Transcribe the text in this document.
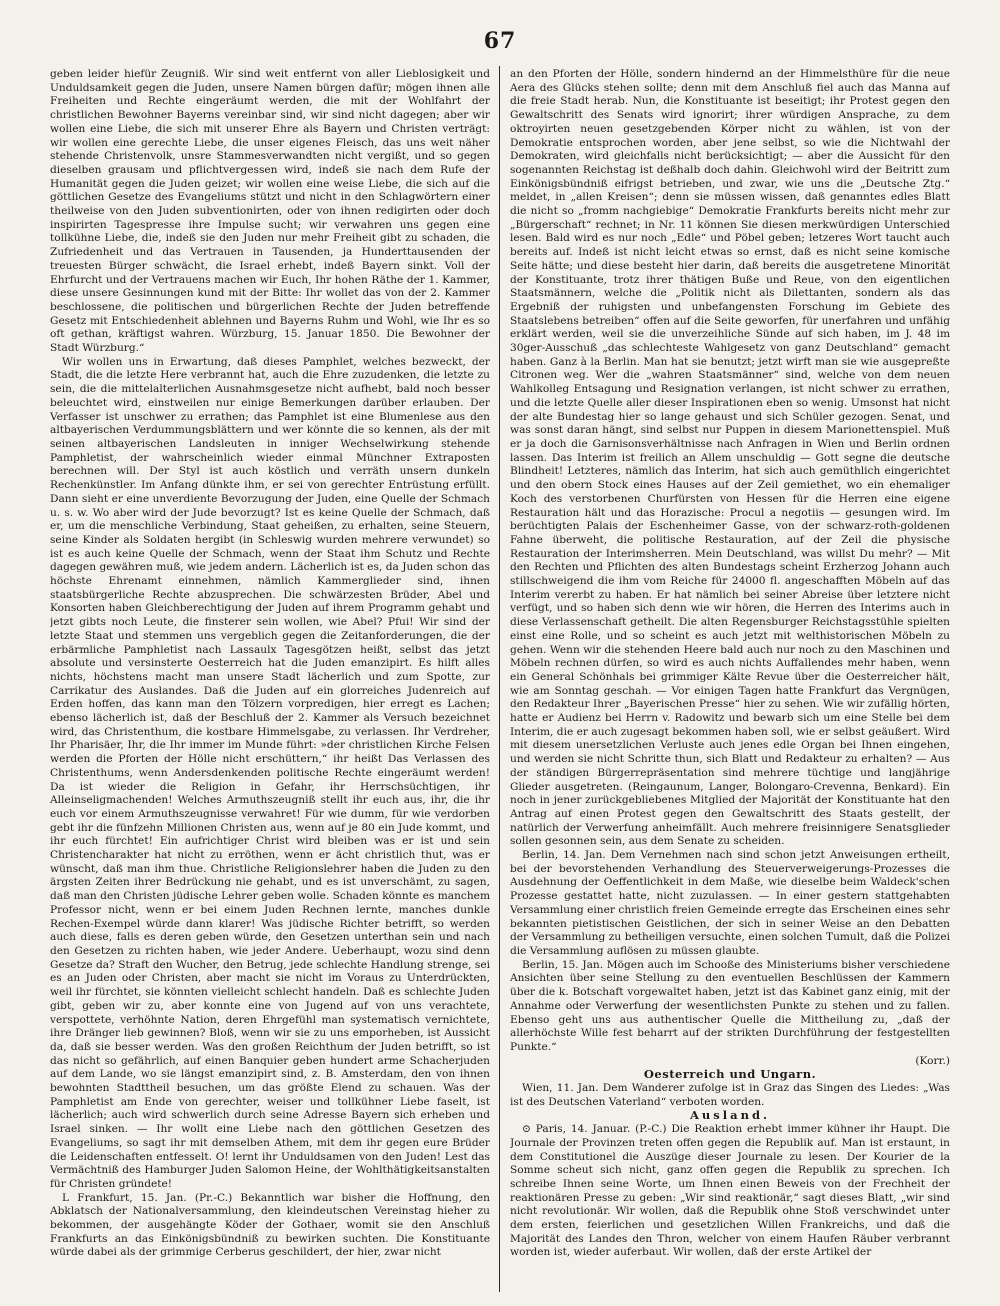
67

geben leider hiefür Zeugniß. Wir sind weit entfernt von aller Lieblosigkeit und Unduldsamkeit gegen die Juden, unsere Namen bürgen dafür; mögen ihnen alle Freiheiten und Rechte eingeräumt werden, die mit der Wohlfahrt der christlichen Bewohner Bayerns vereinbar sind, wir sind nicht dagegen; aber wir wollen eine Liebe, die sich mit unserer Ehre als Bayern und Christen verträgt: wir wollen eine gerechte Liebe, die unser eigenes Fleisch, das uns weit näher stehende Christenvolk, unsre Stammesverwandten nicht vergißt, und so gegen dieselben grausam und pflichtvergessen wird, indeß sie nach dem Rufe der Humanität gegen die Juden geizet; wir wollen eine weise Liebe, die sich auf die göttlichen Gesetze des Evangeliums stützt und nicht in den Schlagwörtern einer theilweise von den Juden subventionirten, oder von ihnen redigirten oder doch inspirirten Tagespresse ihre Impulse sucht; wir verwahren uns gegen eine tollkühne Liebe, die, indeß sie den Juden nur mehr Freiheit gibt zu schaden, die Zufriedenheit und das Vertrauen in Tausenden, ja Hunderttausenden der treuesten Bürger schwächt, die Israel erhebt, indeß Bayern sinkt. Voll der Ehrfurcht und der Vertrauens machen wir Euch, Ihr hohen Räthe der 1. Kammer, diese unsere Gesinnungen kund mit der Bitte: Ihr wollet das von der 2. Kammer beschlossene, die politischen und bürgerlichen Rechte der Juden betreffende Gesetz mit Entschiedenheit ablehnen und Bayerns Ruhm und Wohl, wie Ihr es so oft gethan, kräftigst wahren. Würzburg, 15. Januar 1850. Die Bewohner der Stadt Würzburg.“

Wir wollen uns in Erwartung, daß dieses Pamphlet, welches bezweckt, der Stadt, die die letzte Here verbrannt hat, auch die Ehre zuzudenken, die letzte zu sein, die die mittelalterlichen Ausnahmsgesetze nicht aufhebt, bald noch besser beleuchtet wird, einstweilen nur einige Bemerkungen darüber erlauben. Der Verfasser ist unschwer zu errathen; das Pamphlet ist eine Blumenlese aus den altbayerischen Verdummungsblättern und wer könnte die so kennen, als der mit seinen altbayerischen Landsleuten in inniger Wechselwirkung stehende Pamphletist, der wahrscheinlich wieder einmal Münchner Extraposten berechnen will. Der Styl ist auch köstlich und verräth unsern dunkeln Rechenkünstler. Im Anfang dünkte ihm, er sei von gerechter Entrüstung erfüllt. Dann sieht er eine unverdiente Bevorzugung der Juden, eine Quelle der Schmach u. s. w. Wo aber wird der Jude bevorzugt? Ist es keine Quelle der Schmach, daß er, um die menschliche Verbindung, Staat geheißen, zu erhalten, seine Steuern, seine Kinder als Soldaten hergibt (in Schleswig wurden mehrere verwundet) so ist es auch keine Quelle der Schmach, wenn der Staat ihm Schutz und Rechte dagegen gewähren muß, wie jedem andern. Lächerlich ist es, da Juden schon das höchste Ehrenamt einnehmen, nämlich Kammerglieder sind, ihnen staatsbürgerliche Rechte abzusprechen. Die schwärzesten Brüder, Abel und Konsorten haben Gleichberechtigung der Juden auf ihrem Programm gehabt und jetzt gibts noch Leute, die finsterer sein wollen, wie Abel? Pfui! Wir sind der letzte Staat und stemmen uns vergeblich gegen die Zeitanforderungen, die der erbärmliche Pamphletist nach Lassaulx Tagesgötzen heißt, selbst das jetzt absolute und versinsterte Oesterreich hat die Juden emanzipirt. Es hilft alles nichts, höchstens macht man unsere Stadt lächerlich und zum Spotte, zur Carrikatur des Auslandes. Daß die Juden auf ein glorreiches Judenreich auf Erden hoffen, das kann man den Tölzern vorpredigen, hier erregt es Lachen; ebenso lächerlich ist, daß der Beschluß der 2. Kammer als Versuch bezeichnet wird, das Christenthum, die kostbare Himmelsgabe, zu verlassen. Ihr Verdreher, Ihr Pharisäer, Ihr, die Ihr immer im Munde führt: »der christlichen Kirche Felsen werden die Pforten der Hölle nicht erschüttern,“ ihr heißt Das Verlassen des Christenthums, wenn Andersdenkenden politische Rechte eingeräumt werden! Da ist wieder die Religion in Gefahr, ihr Herrschsüchtigen, ihr Alleinseligmachenden! Welches Armuthszeugniß stellt ihr euch aus, ihr, die ihr euch vor einem Armuthszeugnisse verwahret! Für wie dumm, für wie verdorben gebt ihr die fünfzehn Millionen Christen aus, wenn auf je 80 ein Jude kommt, und ihr euch fürchtet! Ein aufrichtiger Christ wird bleiben was er ist und sein Christencharakter hat nicht zu erröthen, wenn er ächt christlich thut, was er wünscht, daß man ihm thue. Christliche Religionslehrer haben die Juden zu den ärgsten Zeiten ihrer Bedrückung nie gehabt, und es ist unverschämt, zu sagen, daß man den Christen jüdische Lehrer geben wolle. Schaden könnte es manchem Professor nicht, wenn er bei einem Juden Rechnen lernte, manches dunkle Rechen-Exempel würde dann klarer! Was jüdische Richter betrifft, so werden auch diese, falls es deren geben würde, den Gesetzen unterthan sein und nach den Gesetzen zu richten haben, wie jeder Andere. Ueberhaupt, wozu sind denn Gesetze da? Straft den Wucher, den Betrug, jede schlechte Handlung strenge, sei es an Juden oder Christen, aber macht sie nicht im Voraus zu Unterdrückten, weil ihr fürchtet, sie könnten vielleicht schlecht handeln. Daß es schlechte Juden gibt, geben wir zu, aber konnte eine von Jugend auf von uns verachtete, verspottete, verhöhnte Nation, deren Ehrgefühl man systematisch vernichtete, ihre Dränger lieb gewinnen? Bloß, wenn wir sie zu uns emporheben, ist Aussicht da, daß sie besser werden. Was den großen Reichthum der Juden betrifft, so ist das nicht so gefährlich, auf einen Banquier geben hundert arme Schacherjuden auf dem Lande, wo sie längst emanzipirt sind, z. B. Amsterdam, den von ihnen bewohnten Stadttheil besuchen, um das größte Elend zu schauen. Was der Pamphletist am Ende von gerechter, weiser und tollkühner Liebe faselt, ist lächerlich; auch wird schwerlich durch seine Adresse Bayern sich erheben und Israel sinken. — Ihr wollt eine Liebe nach den göttlichen Gesetzen des Evangeliums, so sagt ihr mit demselben Athem, mit dem ihr gegen eure Brüder die Leidenschaften entfesselt. O! lernt ihr Unduldsamen von den Juden! Lest das Vermächtniß des Hamburger Juden Salomon Heine, der Wohlthätigkeitsanstalten für Christen gründete!

L Frankfurt, 15. Jan. (Pr.-C.) Bekanntlich war bisher die Hoffnung, den Abklatsch der Nationalversammlung, den kleindeutschen Vereinstag hieher zu bekommen, der ausgehängte Köder der Gothaer, womit sie den Anschluß Frankfurts an das Einkönigsbündniß zu bewirken suchten. Die Konstituante würde dabei als der grimmige Cerberus geschildert, der hier, zwar nicht

an den Pforten der Hölle, sondern hindernd an der Himmelsthüre für die neue Aera des Glücks stehen sollte; denn mit dem Anschluß fiel auch das Manna auf die freie Stadt herab. Nun, die Konstituante ist beseitigt; ihr Protest gegen den Gewaltschritt des Senats wird ignorirt; ihrer würdigen Ansprache, zu dem oktroyirten neuen gesetzgebenden Körper nicht zu wählen, ist von der Demokratie entsprochen worden, aber jene selbst, so wie die Nichtwahl der Demokraten, wird gleichfalls nicht berücksichtigt; — aber die Aussicht für den sogenannten Reichstag ist deßhalb doch dahin. Gleichwohl wird der Beitritt zum Einkönigsbündniß eifrigst betrieben, und zwar, wie uns die „Deutsche Ztg.“ meldet, in „allen Kreisen“; denn sie müssen wissen, daß genanntes edles Blatt die nicht so „fromm nachgiebige“ Demokratie Frankfurts bereits nicht mehr zur „Bürgerschaft“ rechnet; in Nr. 11 können Sie diesen merkwürdigen Unterschied lesen. Bald wird es nur noch „Edle“ und Pöbel geben; letzeres Wort taucht auch bereits auf. Indeß ist nicht leicht etwas so ernst, daß es nicht seine komische Seite hätte; und diese besteht hier darin, daß bereits die ausgetretene Minorität der Konstituante, trotz ihrer thätigen Buße und Reue, von den eigentlichen Staatsmännern, welche die „Politik nicht als Dilettanten, sondern als das Ergebniß der ruhigsten und unbefangensten Forschung im Gebiete des Staatslebens betreiben“ offen auf die Seite geworfen, für unerfahren und unfähig erklärt werden, weil sie die unverzeihliche Sünde auf sich haben, im J. 48 im 30ger-Ausschuß „das schlechteste Wahlgesetz von ganz Deutschland“ gemacht haben. Ganz à la Berlin. Man hat sie benutzt; jetzt wirft man sie wie ausgepreßte Citronen weg. Wer die „wahren Staatsmänner“ sind, welche von dem neuen Wahlkolleg Entsagung und Resignation verlangen, ist nicht schwer zu errathen, und die letzte Quelle aller dieser Inspirationen eben so wenig. Umsonst hat nicht der alte Bundestag hier so lange gehaust und sich Schüler gezogen. Senat, und was sonst daran hängt, sind selbst nur Puppen in diesem Marionettenspiel. Muß er ja doch die Garnisonsverhältnisse nach Anfragen in Wien und Berlin ordnen lassen. Das Interim ist freilich an Allem unschuldig — Gott segne die deutsche Blindheit! Letzteres, nämlich das Interim, hat sich auch gemüthlich eingerichtet und den obern Stock eines Hauses auf der Zeil gemiethet, wo ein ehemaliger Koch des verstorbenen Churfürsten von Hessen für die Herren eine eigene Restauration hält und das Horazische: Procul a negotiis — gesungen wird. Im berüchtigten Palais der Eschenheimer Gasse, von der schwarz-roth-goldenen Fahne überweht, die politische Restauration, auf der Zeil die physische Restauration der Interimsherren. Mein Deutschland, was willst Du mehr? — Mit den Rechten und Pflichten des alten Bundestags scheint Erzherzog Johann auch stillschweigend die ihm vom Reiche für 24000 fl. angeschafften Möbeln auf das Interim vererbt zu haben. Er hat nämlich bei seiner Abreise über letztere nicht verfügt, und so haben sich denn wie wir hören, die Herren des Interims auch in diese Verlassenschaft getheilt. Die alten Regensburger Reichstagsstühle spielten einst eine Rolle, und so scheint es auch jetzt mit welthistorischen Möbeln zu gehen. Wenn wir die stehenden Heere bald auch nur noch zu den Maschinen und Möbeln rechnen dürfen, so wird es auch nichts Auffallendes mehr haben, wenn ein General Schönhals bei grimmiger Kälte Revue über die Oesterreicher hält, wie am Sonntag geschah. — Vor einigen Tagen hatte Frankfurt das Vergnügen, den Redakteur Ihrer „Bayerischen Presse“ hier zu sehen. Wie wir zufällig hörten, hatte er Audienz bei Herrn v. Radowitz und bewarb sich um eine Stelle bei dem Interim, die er auch zugesagt bekommen haben soll, wie er selbst geäußert. Wird mit diesem unersetzlichen Verluste auch jenes edle Organ bei Ihnen eingehen, und werden sie nicht Schritte thun, sich Blatt und Redakteur zu erhalten? — Aus der ständigen Bürgerrepräsentation sind mehrere tüchtige und langjährige Glieder ausgetreten. (Reingaunum, Langer, Bolongaro-Crevenna, Benkard). Ein noch in jener zurückgebliebenes Mitglied der Majorität der Konstituante hat den Antrag auf einen Protest gegen den Gewaltschritt des Staats gestellt, der natürlich der Verwerfung anheimfällt. Auch mehrere freisinnigere Senatsglieder sollen gesonnen sein, aus dem Senate zu scheiden.

Berlin, 14. Jan. Dem Vernehmen nach sind schon jetzt Anweisungen ertheilt, bei der bevorstehenden Verhandlung des Steuerverweigerungs-Prozesses die Ausdehnung der Oeffentlichkeit in dem Maße, wie dieselbe beim Waldeck'schen Prozesse gestattet hatte, nicht zuzulassen. — In einer gestern stattgehabten Versammlung einer christlich freien Gemeinde erregte das Erscheinen eines sehr bekannten pietistischen Geistlichen, der sich in seiner Weise an den Debatten der Versammlung zu betheiligen versuchte, einen solchen Tumult, daß die Polizei die Versammlung auflösen zu müssen glaubte.

Berlin, 15. Jan. Mögen auch im Schooße des Ministeriums bisher verschiedene Ansichten über seine Stellung zu den eventuellen Beschlüssen der Kammern über die k. Botschaft vorgewaltet haben, jetzt ist das Kabinet ganz einig, mit der Annahme oder Verwerfung der wesentlichsten Punkte zu stehen und zu fallen. Ebenso geht uns aus authentischer Quelle die Mittheilung zu, „daß der allerhöchste Wille fest beharrt auf der strikten Durchführung der festgestellten Punkte.“

(Korr.)

Oesterreich und Ungarn.

Wien, 11. Jan. Dem Wanderer zufolge ist in Graz das Singen des Liedes: „Was ist des Deutschen Vaterland“ verboten worden.

Ausland.

⊙ Paris, 14. Januar. (P.-C.) Die Reaktion erhebt immer kühner ihr Haupt. Die Journale der Provinzen treten offen gegen die Republik auf. Man ist erstaunt, in dem Constitutionel die Auszüge dieser Journale zu lesen. Der Kourier de la Somme scheut sich nicht, ganz offen gegen die Republik zu sprechen. Ich schreibe Ihnen seine Worte, um Ihnen einen Beweis von der Frechheit der reaktionären Presse zu geben: „Wir sind reaktionär,“ sagt dieses Blatt, „wir sind nicht revolutionär. Wir wollen, daß die Republik ohne Stoß verschwindet unter dem ersten, feierlichen und gesetzlichen Willen Frankreichs, und daß die Majorität des Landes den Thron, welcher von einem Haufen Räuber verbrannt worden ist, wieder auferbaut. Wir wollen, daß der erste Artikel der
